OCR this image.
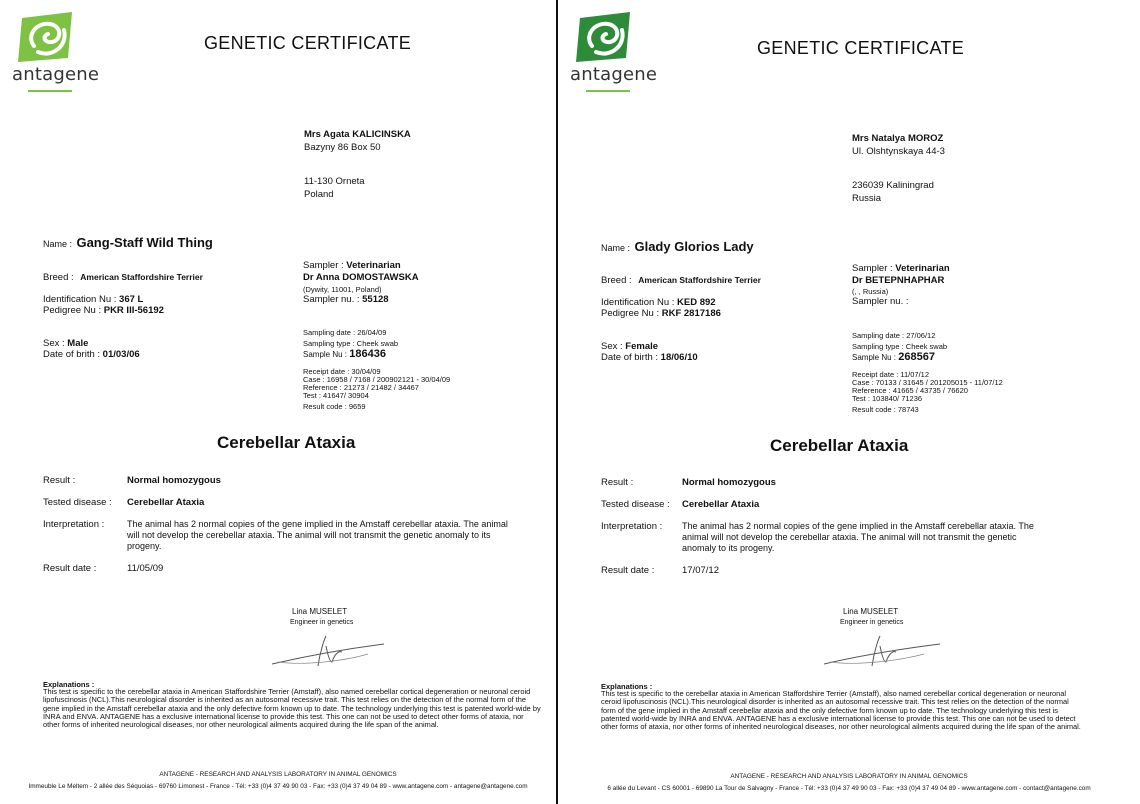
antagene
GENETIC CERTIFICATE
Mrs Agata KALICINSKA
Bazyny 86 Box 50
11-130 Orneta
Poland
Name : Gang-Staff Wild Thing
Sampler : Veterinarian
Dr Anna DOMOSTAWSKA
(Dywity, 11001, Poland)
Sampler nu. : 55128
Breed : American Staffordshire Terrier
Identification Nu : 367 L
Pedigree Nu : PKR III-56192
Sampling date : 26/04/09
Sampling type : Cheek swab
Sample Nu : 186436
Sex : Male
Date of brith : 01/03/06
Receipt date : 30/04/09
Case : 16958 / 7168 / 200902121 - 30/04/09
Reference : 21273 / 21482 / 34467
Test : 41647/ 30904
Result code : 9659
Cerebellar Ataxia
Result :	Normal homozygous
Tested disease : Cerebellar Ataxia
Interpretation :	The animal has 2 normal copies of the gene implied in the Amstaff cerebellar ataxia. The animal will not develop the cerebellar ataxia. The animal will not transmit the genetic anomaly to its progeny.
Result date :	11/05/09
Lina MUSELET
Engineer in genetics
Explanations :
This test is specific to the cerebellar ataxia in American Staffordshire Terrier (Amstaff), also named cerebellar cortical degeneration or neuronal ceroid lipofuscinosis (NCL).This neurological disorder is inherited as an autosomal recessive trait. This test relies on the detection of the normal form of the gene implied in the Amstaff cerebellar ataxia and the only defective form known up to date. The technology underlying this test is patented world-wide by INRA and ENVA. ANTAGENE has a exclusive international license to provide this test. This one can not be used to detect other forms of ataxia, nor other forms of inherited neurological diseases, nor other neurological ailments acquired during the life span of the animal.
ANTAGENE - RESEARCH AND ANALYSIS LABORATORY IN ANIMAL GENOMICS
Immeuble Le Meltem - 2 allée des Séquoias - 69760 Limonest - France - Tél: +33 (0)4 37 49 90 03 - Fax: +33 (0)4 37 49 04 89 - www.antagene.com - antagene@antagene.com
antagene
GENETIC CERTIFICATE
Mrs Natalya MOROZ
Ul. Olshtynskaya 44-3
236039 Kaliningrad
Russia
Name : Glady Glorios Lady
Sampler : Veterinarian
Dr BETEPNHAPHAR
(, , Russia)
Sampler nu. :
Breed : American Staffordshire Terrier
Identification Nu : KED 892
Pedigree Nu : RKF 2817186
Sampling date : 27/06/12
Sampling type : Cheek swab
Sample Nu : 268567
Sex : Female
Date of birth : 18/06/10
Receipt date : 11/07/12
Case : 70133 / 31645 / 201205015 - 11/07/12
Reference : 41665 / 43735 / 76620
Test : 103840/ 71236
Result code : 78743
Cerebellar Ataxia
Result :	Normal homozygous
Tested disease : Cerebellar Ataxia
Interpretation : The animal has 2 normal copies of the gene implied in the Amstaff cerebellar ataxia. The animal will not develop the cerebellar ataxia. The animal will not transmit the genetic anomaly to its progeny.
Result date :	17/07/12
Lina MUSELET
Engineer in genetics
Explanations :
This test is specific to the cerebellar ataxia in American Staffordshire Terrier (Amstaff), also named cerebellar cortical degeneration or neuronal ceroid lipofuscinosis (NCL).This neurological disorder is inherited as an autosomal recessive trait. This test relies on the detection of the normal form of the gene implied in the Amstaff cerebellar ataxia and the only defective form known up to date. The technology underlying this test is patented world-wide by INRA and ENVA. ANTAGENE has a exclusive international license to provide this test. This one can not be used to detect other forms of ataxia, nor other forms of inherited neurological diseases, nor other neurological ailments acquired during the life span of the animal.
ANTAGENE - RESEARCH AND ANALYSIS LABORATORY IN ANIMAL GENOMICS
6 allée du Levant - CS 60001 - 69890 La Tour de Salvagny - France - Tél: +33 (0)4 37 49 90 03 - Fax: +33 (0)4 37 49 04 89 - www.antagene.com - contact@antagene.com
